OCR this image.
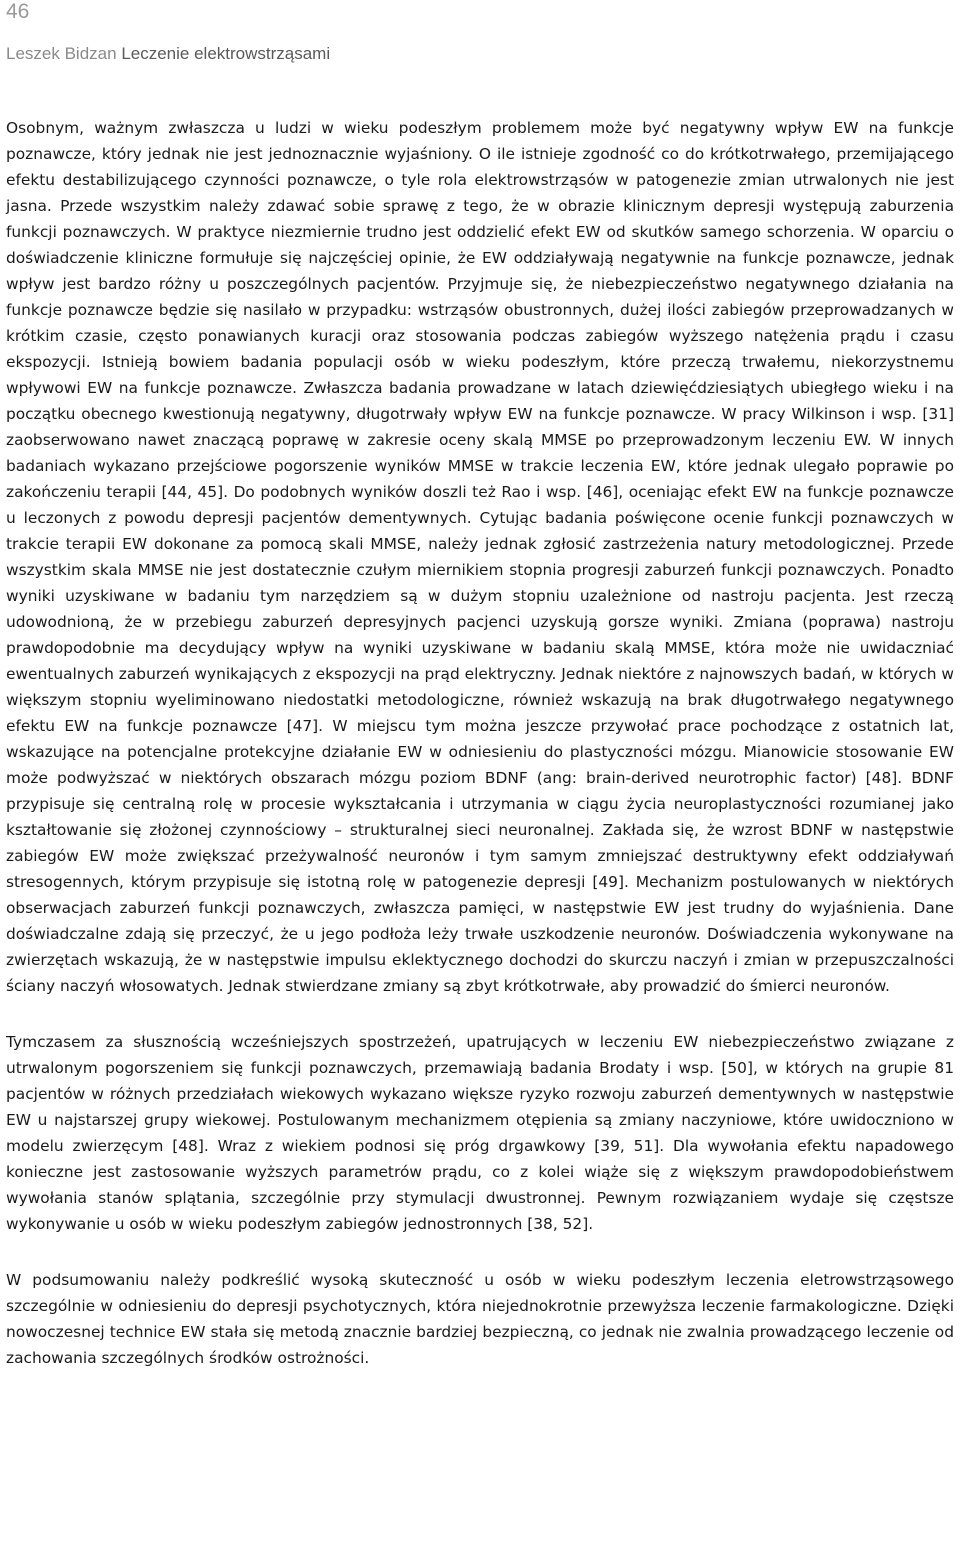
46
Leszek Bidzan Leczenie elektrowstrząsami

Osobnym, ważnym zwłaszcza u ludzi w wieku podeszłym problemem może być negatywny wpływ EW na funkcje poznawcze, który jednak nie jest jednoznacznie wyjaśniony. O ile istnieje zgodność co do krótkotrwałego, przemijającego efektu destabilizującego czynności poznawcze, o tyle rola elektrowstrząsów w patogenezie zmian utrwalonych nie jest jasna. Przede wszystkim należy zdawać sobie sprawę z tego, że w obrazie klinicznym depresji występują zaburzenia funkcji poznawczych. W praktyce niezmiernie trudno jest oddzielić efekt EW od skutków samego schorzenia. W oparciu o doświadczenie kliniczne formułuje się najczęściej opinie, że EW oddziaływają negatywnie na funkcje poznawcze, jednak wpływ jest bardzo różny u poszczególnych pacjentów. Przyjmuje się, że niebezpieczeństwo negatywnego działania na funkcje poznawcze będzie się nasilało w przypadku: wstrząsów obustronnych, dużej ilości zabiegów przeprowadzanych w krótkim czasie, często ponawianych kuracji oraz stosowania podczas zabiegów wyższego natężenia prądu i czasu ekspozycji. Istnieją bowiem badania populacji osób w wieku podeszłym, które przeczą trwałemu, niekorzystnemu wpływowi EW na funkcje poznawcze. Zwłaszcza badania prowadzane w latach dziewięćdziesiątych ubiegłego wieku i na początku obecnego kwestionują negatywny, długotrwały wpływ EW na funkcje poznawcze. W pracy Wilkinson i wsp. [31] zaobserwowano nawet znaczącą poprawę w zakresie oceny skalą MMSE po przeprowadzonym leczeniu EW. W innych badaniach wykazano przejściowe pogorszenie wyników MMSE w trakcie leczenia EW, które jednak ulegało poprawie po zakończeniu terapii [44, 45]. Do podobnych wyników doszli też Rao i wsp. [46], oceniając efekt EW na funkcje poznawcze u leczonych z powodu depresji pacjentów dementywnych. Cytując badania poświęcone ocenie funkcji poznawczych w trakcie terapii EW dokonane za pomocą skali MMSE, należy jednak zgłosić zastrzeżenia natury metodologicznej. Przede wszystkim skala MMSE nie jest dostatecznie czułym miernikiem stopnia progresji zaburzeń funkcji poznawczych. Ponadto wyniki uzyskiwane w badaniu tym narzędziem są w dużym stopniu uzależnione od nastroju pacjenta. Jest rzeczą udowodnioną, że w przebiegu zaburzeń depresyjnych pacjenci uzyskują gorsze wyniki. Zmiana (poprawa) nastroju prawdopodobnie ma decydujący wpływ na wyniki uzyskiwane w badaniu skalą MMSE, która może nie uwidaczniać ewentualnych zaburzeń wynikających z ekspozycji na prąd elektryczny. Jednak niektóre z najnowszych badań, w których w większym stopniu wyeliminowano niedostatki metodologiczne, również wskazują na brak długotrwałego negatywnego efektu EW na funkcje poznawcze [47]. W miejscu tym można jeszcze przywołać prace pochodzące z ostatnich lat, wskazujące na potencjalne protekcyjne działanie EW w odniesieniu do plastyczności mózgu. Mianowicie stosowanie EW może podwyższać w niektórych obszarach mózgu poziom BDNF (ang: brain-derived neurotrophic factor) [48]. BDNF przypisuje się centralną rolę w procesie wykształcania i utrzymania w ciągu życia neuroplastyczności rozumianej jako kształtowanie się złożonej czynnościowy – strukturalnej sieci neuronalnej. Zakłada się, że wzrost BDNF w następstwie zabiegów EW może zwiększać przeżywalność neuronów i tym samym zmniejszać destruktywny efekt oddziaływań stresogennych, którym przypisuje się istotną rolę w patogenezie depresji [49]. Mechanizm postulowanych w niektórych obserwacjach zaburzeń funkcji poznawczych, zwłaszcza pamięci, w następstwie EW jest trudny do wyjaśnienia. Dane doświadczalne zdają się przeczyć, że u jego podłoża leży trwałe uszkodzenie neuronów. Doświadczenia wykonywane na zwierzętach wskazują, że w następstwie impulsu eklektycznego dochodzi do skurczu naczyń i zmian w przepuszczalności ściany naczyń włosowatych. Jednak stwierdzane zmiany są zbyt krótkotrwałe, aby prowadzić do śmierci neuronów.

Tymczasem za słusznością wcześniejszych spostrzeżeń, upatrujących w leczeniu EW niebezpieczeństwo związane z utrwalonym pogorszeniem się funkcji poznawczych, przemawiają badania Brodaty i wsp. [50], w których na grupie 81 pacjentów w różnych przedziałach wiekowych wykazano większe ryzyko rozwoju zaburzeń dementywnych w następstwie EW u najstarszej grupy wiekowej. Postulowanym mechanizmem otępienia są zmiany naczyniowe, które uwidoczniono w modelu zwierzęcym [48]. Wraz z wiekiem podnosi się próg drgawkowy [39, 51]. Dla wywołania efektu napadowego konieczne jest zastosowanie wyższych parametrów prądu, co z kolei wiąże się z większym prawdopodobieństwem wywołania stanów splątania, szczególnie przy stymulacji dwustronnej. Pewnym rozwiązaniem wydaje się częstsze wykonywanie u osób w wieku podeszłym zabiegów jednostronnych [38, 52].

W podsumowaniu należy podkreślić wysoką skuteczność u osób w wieku podeszłym leczenia eletrowstrząsowego szczególnie w odniesieniu do depresji psychotycznych, która niejednokrotnie przewyższa leczenie farmakologiczne. Dzięki nowoczesnej technice EW stała się metodą znacznie bardziej bezpieczną, co jednak nie zwalnia prowadzącego leczenie od zachowania szczególnych środków ostrożności.
